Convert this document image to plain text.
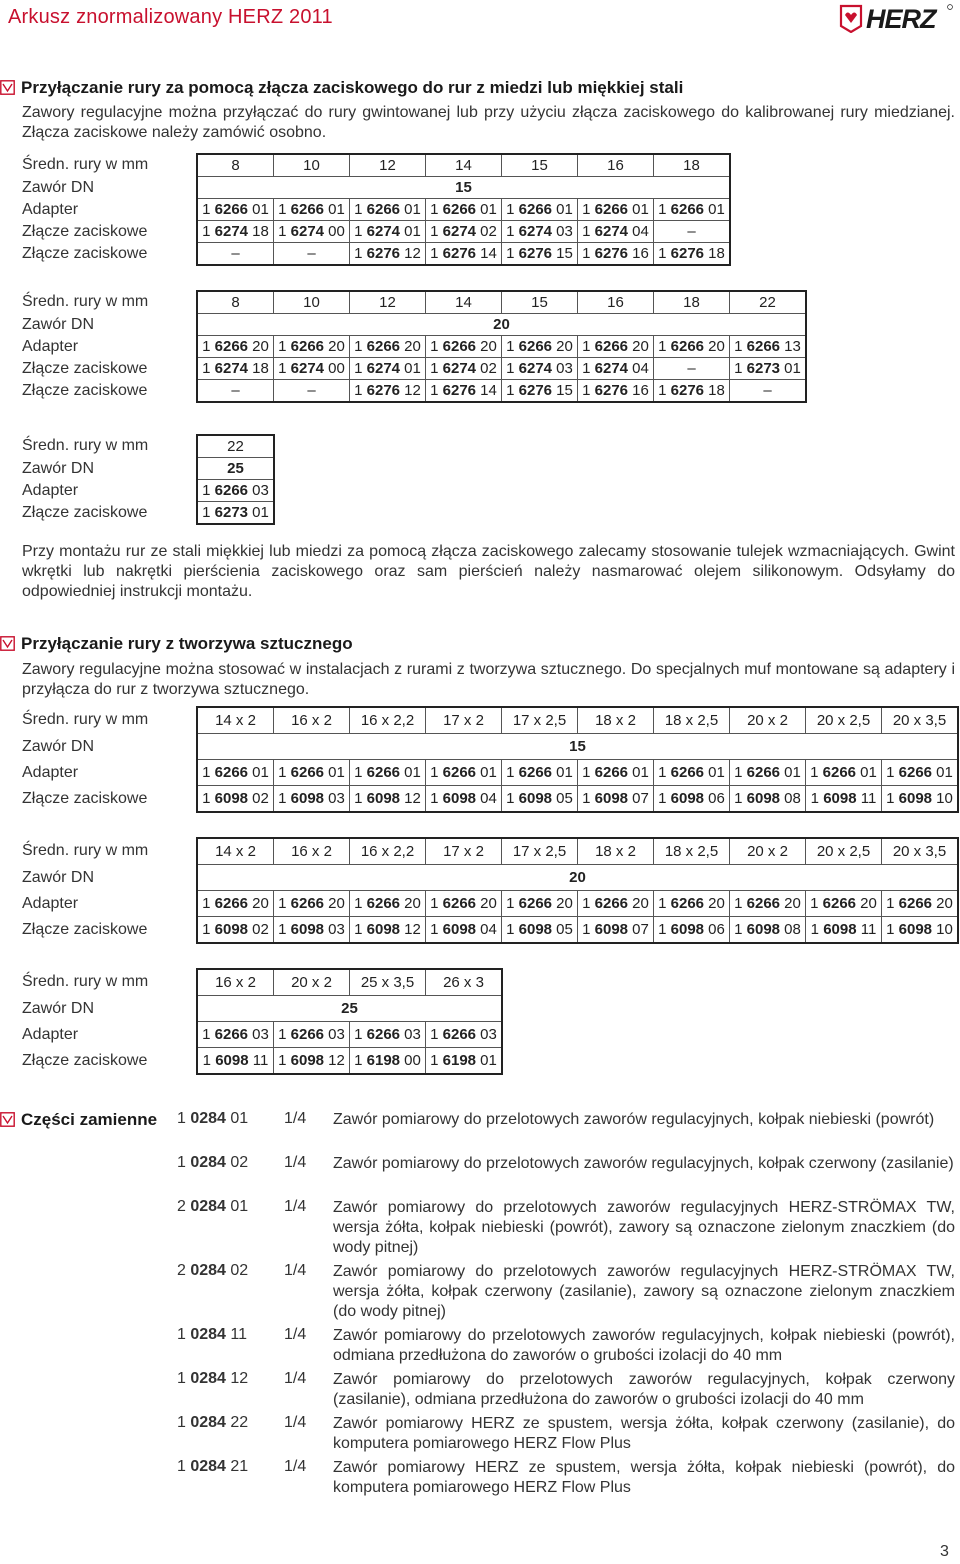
Arkusz znormalizowany HERZ 2011	HERZ
Przyłączanie rury za pomocą złącza zaciskowego do rur z miedzi lub miękkiej stali
Zawory regulacyjne można przyłączać do rury gwintowanej lub przy użyciu złącza zaciskowego do kalibrowanej rury miedzianej. Złącza zaciskowe należy zamówić osobno.
Średn. rury w mm	8	10	12	14	15	16	18
Zawór DN	15						
Adapter	1 6266 01	1 6266 01	1 6266 01	1 6266 01	1 6266 01	1 6266 01	1 6266 01
Złącze zaciskowe	1 6274 18	1 6274 00	1 6274 01	1 6274 02	1 6274 03	1 6274 04	–
Złącze zaciskowe	–	–	1 6276 12	1 6276 14	1 6276 15	1 6276 16	1 6276 18
Średn. rury w mm	8	10	12	14	15	16	18	22
Zawór DN	20							
Adapter	1 6266 20	1 6266 20	1 6266 20	1 6266 20	1 6266 20	1 6266 20	1 6266 20	1 6266 13
Złącze zaciskowe	1 6274 18	1 6274 00	1 6274 01	1 6274 02	1 6274 03	1 6274 04	–	1 6273 01
Złącze zaciskowe	–	–	1 6276 12	1 6276 14	1 6276 15	1 6276 16	1 6276 18	–
Średn. rury w mm	22
Zawór DN	25
Adapter	1 6266 03
Złącze zaciskowe	1 6273 01
Przy montażu rur ze stali miękkiej lub miedzi za pomocą złącza zaciskowego zalecamy stosowanie tulejek wzmacniających. Gwint wkrętki lub nakrętki pierścienia zaciskowego oraz sam pierścień należy nasmarować olejem silikonowym. Odsyłamy do odpowiedniej instrukcji montażu.
Przyłączanie rury z tworzywa sztucznego
Zawory regulacyjne można stosować w instalacjach z rurami z tworzywa sztucznego. Do specjalnych muf montowane są adaptery i przyłącza do rur z tworzywa sztucznego.
Średn. rury w mm	14 x 2	16 x 2	16 x 2,2	17 x 2	17 x 2,5	18 x 2	18 x 2,5	20 x 2	20 x 2,5	20 x 3,5
Zawór DN	15									
Adapter	1 6266 01	1 6266 01	1 6266 01	1 6266 01	1 6266 01	1 6266 01	1 6266 01	1 6266 01	1 6266 01	1 6266 01
Złącze zaciskowe	1 6098 02	1 6098 03	1 6098 12	1 6098 04	1 6098 05	1 6098 07	1 6098 06	1 6098 08	1 6098 11	1 6098 10
Średn. rury w mm	14 x 2	16 x 2	16 x 2,2	17 x 2	17 x 2,5	18 x 2	18 x 2,5	20 x 2	20 x 2,5	20 x 3,5
Zawór DN	20									
Adapter	1 6266 20	1 6266 20	1 6266 20	1 6266 20	1 6266 20	1 6266 20	1 6266 20	1 6266 20	1 6266 20	1 6266 20
Złącze zaciskowe	1 6098 02	1 6098 03	1 6098 12	1 6098 04	1 6098 05	1 6098 07	1 6098 06	1 6098 08	1 6098 11	1 6098 10
Średn. rury w mm	16 x 2	20 x 2	25 x 3,5	26 x 3
Zawór DN	25			
Adapter	1 6266 03	1 6266 03	1 6266 03	1 6266 03
Złącze zaciskowe	1 6098 11	1 6098 12	1 6198 00	1 6198 01
Części zamienne 1 0284 01 1/4 Zawór pomiarowy do przelotowych zaworów regulacyjnych, kołpak niebieski (powrót)
1 0284 02 1/4 Zawór pomiarowy do przelotowych zaworów regulacyjnych, kołpak czerwony (zasilanie)
2 0284 01 1/4 Zawór pomiarowy do przelotowych zaworów regulacyjnych HERZ-STRÖMAX TW, wersja żółta, kołpak niebieski (powrót), zawory są oznaczone zielonym znaczkiem (do wody pitnej)
2 0284 02 1/4 Zawór pomiarowy do przelotowych zaworów regulacyjnych HERZ-STRÖMAX TW, wersja żółta, kołpak czerwony (zasilanie), zawory są oznaczone zielonym znaczkiem (do wody pitnej)
1 0284 11 1/4 Zawór pomiarowy do przelotowych zaworów regulacyjnych, kołpak niebieski (powrót), odmiana przedłużona do zaworów o grubości izolacji do 40 mm
1 0284 12 1/4 Zawór pomiarowy do przelotowych zaworów regulacyjnych, kołpak czerwony (zasilanie), odmiana przedłużona do zaworów o grubości izolacji do 40 mm
1 0284 22 1/4 Zawór pomiarowy HERZ ze spustem, wersja żółta, kołpak czerwony (zasilanie), do komputera pomiarowego HERZ Flow Plus
1 0284 21 1/4 Zawór pomiarowy HERZ ze spustem, wersja żółta, kołpak niebieski (powrót), do komputera pomiarowego HERZ Flow Plus
3
